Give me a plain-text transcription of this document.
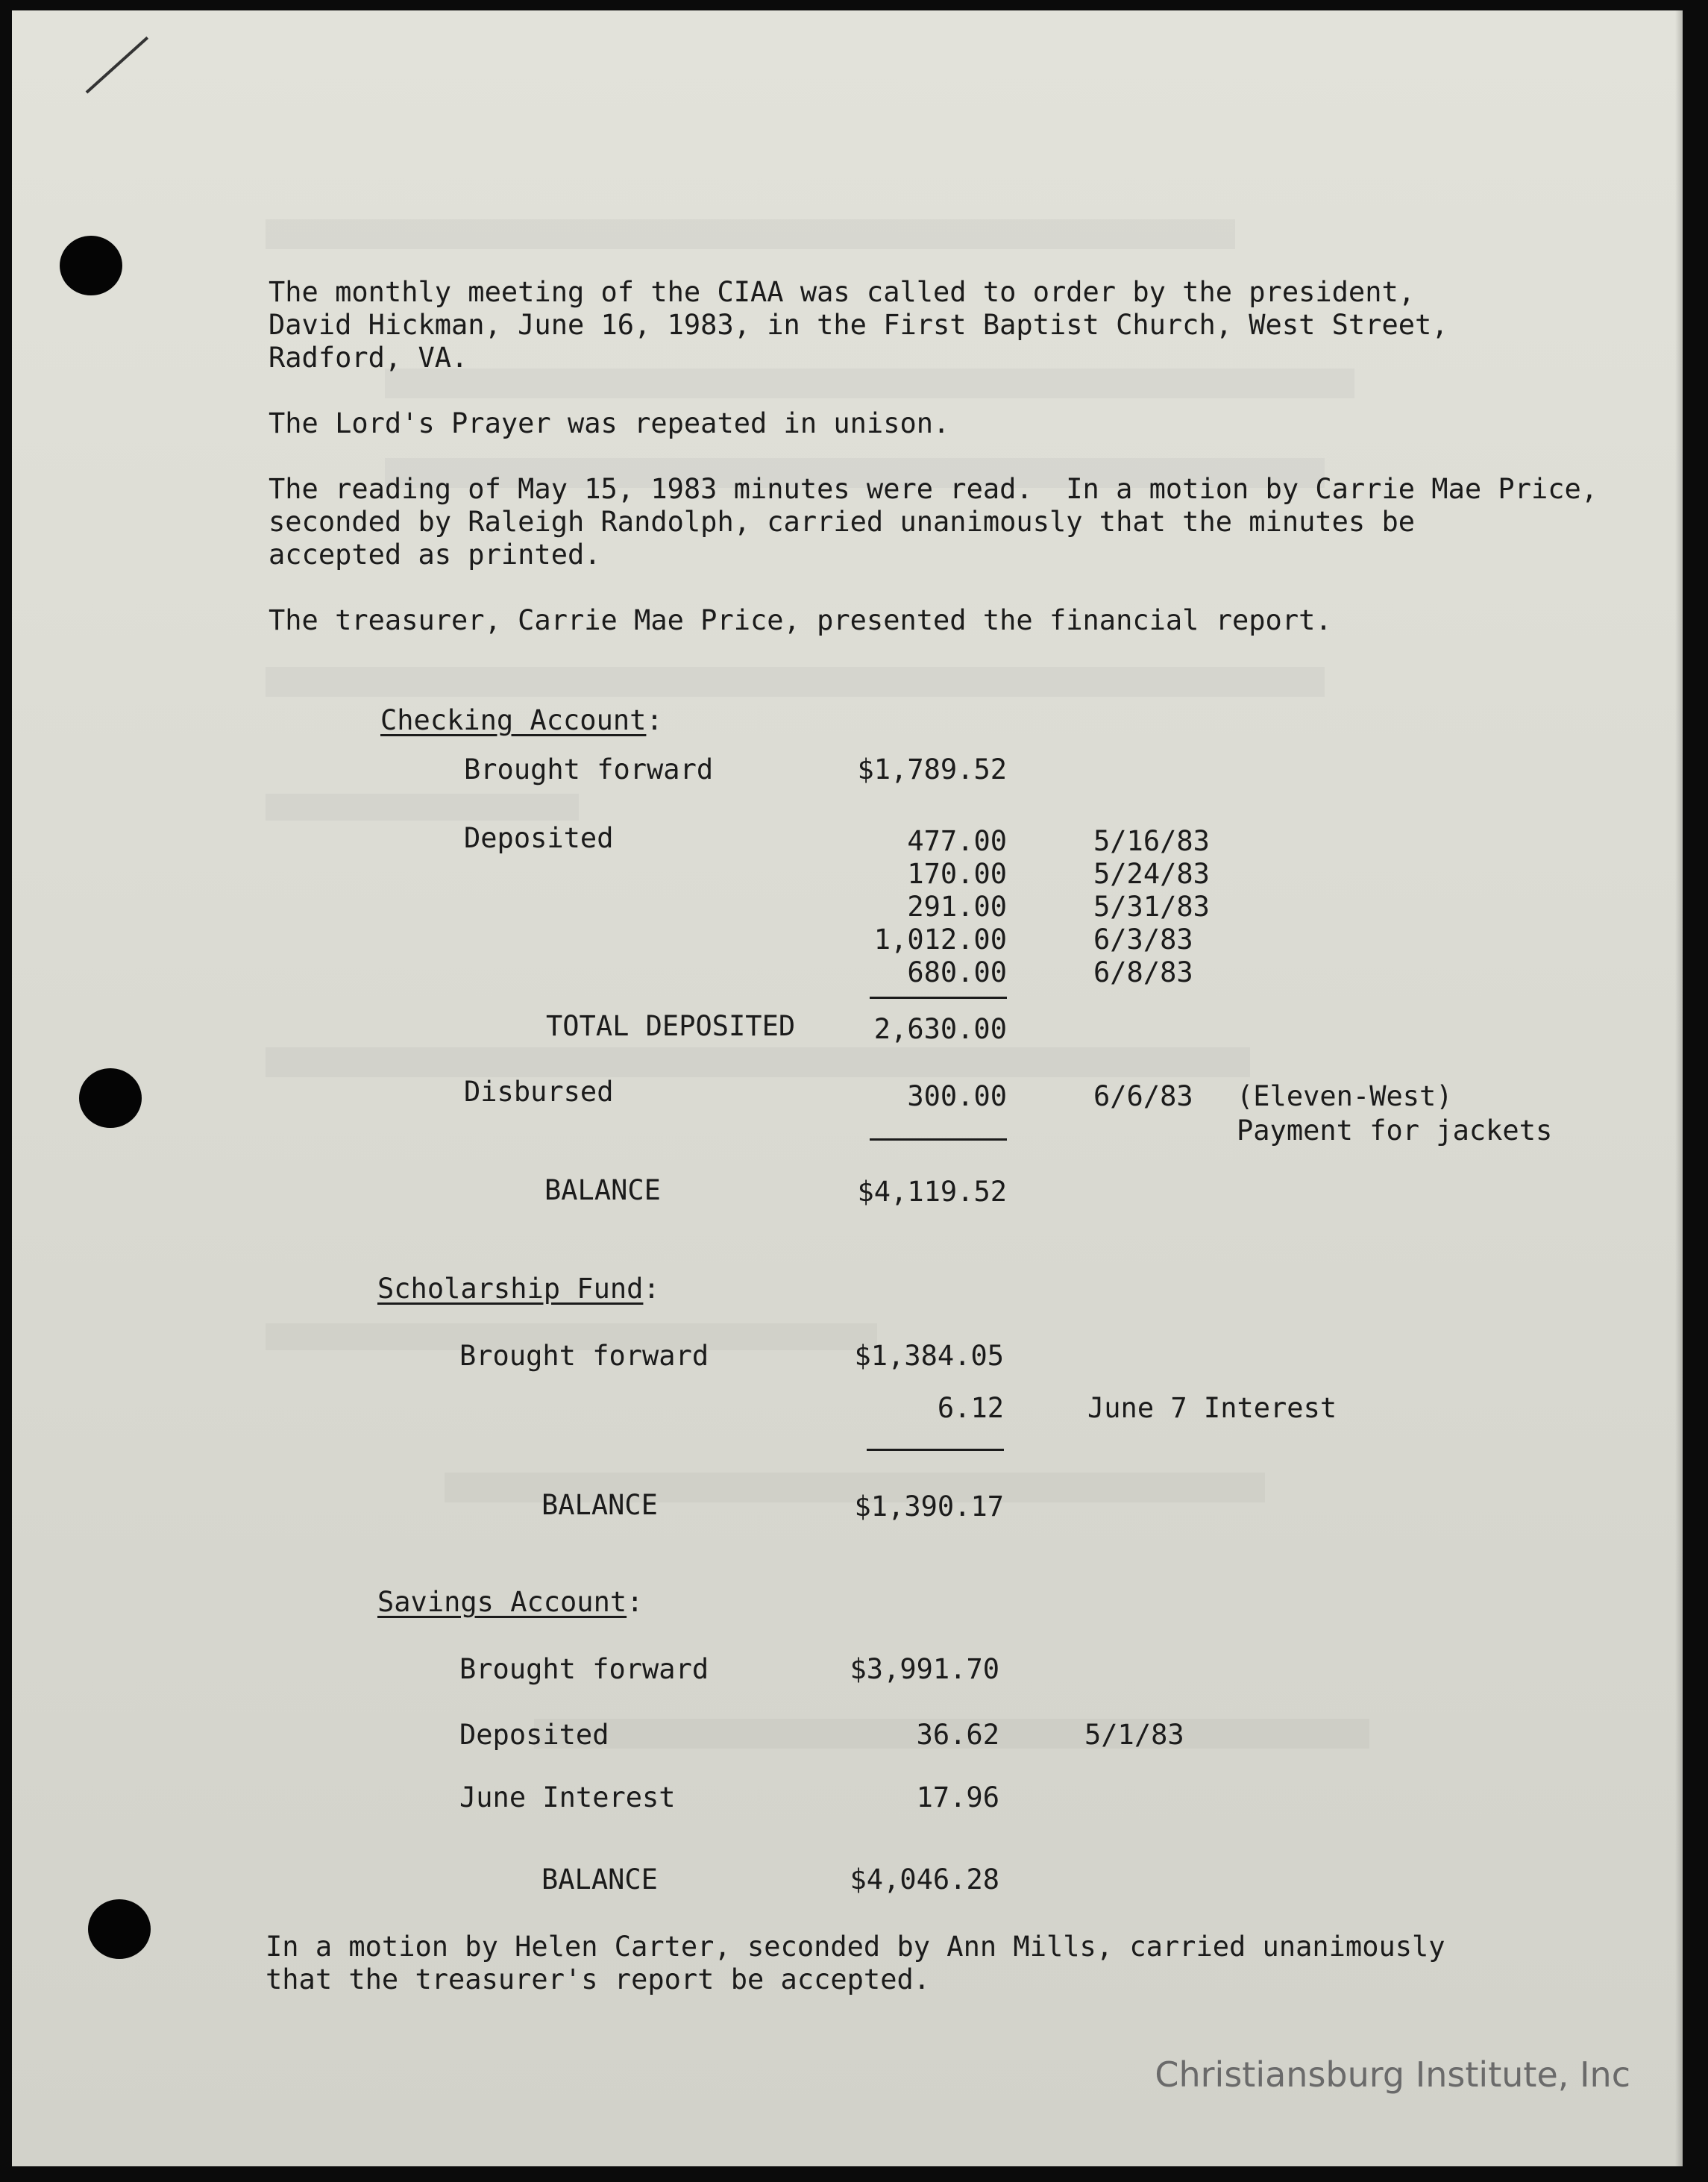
The monthly meeting of the CIAA was called to order by the president,
David Hickman, June 16, 1983, in the First Baptist Church, West Street,
Radford, VA.

The Lord's Prayer was repeated in unison.

The reading of May 15, 1983 minutes were read.  In a motion by Carrie Mae Price,
seconded by Raleigh Randolph, carried unanimously that the minutes be
accepted as printed.

The treasurer, Carrie Mae Price, presented the financial report.

Checking Account:
Brought forward	$1,789.52
Deposited	477.00	5/16/83
170.00	5/24/83
291.00	5/31/83
1,012.00	6/3/83
680.00	6/8/83
TOTAL DEPOSITED	2,630.00
Disbursed	300.00	6/6/83 (Eleven-West)
Payment for jackets
BALANCE	$4,119.52
Scholarship Fund:
Brought forward	$1,384.05
6.12	June 7 Interest
BALANCE	$1,390.17
Savings Account:
Brought forward	$3,991.70
Deposited	36.62	5/1/83
June Interest	17.96
BALANCE	$4,046.28

In a motion by Helen Carter, seconded by Ann Mills, carried unanimously
that the treasurer's report be accepted.

Christiansburg Institute, Inc
